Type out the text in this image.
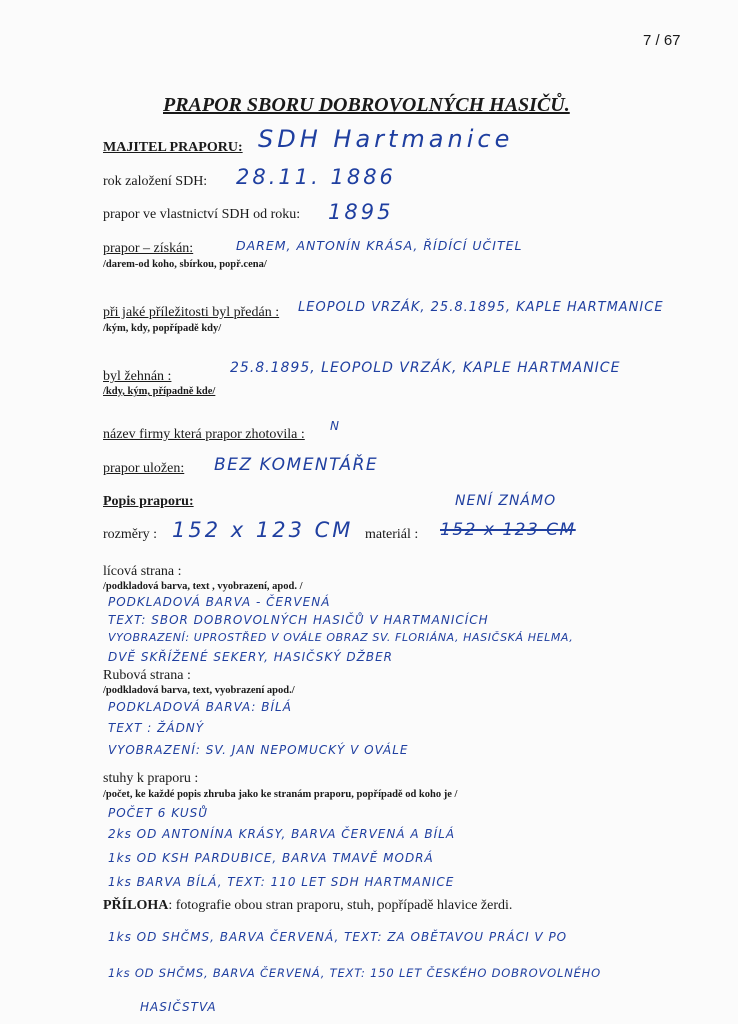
7 / 67
PRAPOR SBORU DOBROVOLNÝCH HASIČŮ.
MAJITEL PRAPORU: SDH Hartmanice
rok založení SDH: 28.11. 1886
prapor ve vlastnictví SDH od roku: 1895
prapor – získán:
/darem-od koho, sbírkou, popř.cena/
DAREM, ANTONÍN KRÁSA, ŘÍDÍCÍ UČITEL
při jaké příležitosti byl předán :
/kým, kdy, popřípadě kdy/
LEOPOLD VRZÁK, 25.8.1895, KAPLE HARTMANICE
byl žehnán :
/kdy, kým, případně kde/
25.8.1895, LEOPOLD VRZÁK, KAPLE HARTMANICE
název firmy která prapor zhotovila :
N
prapor uložen: BEZ KOMENTÁŘE
Popis praporu:	NENÍ ZNÁMO
rozměry : 152 x 123 CM materiál : 152 x 123 CM
lícová strana :
/podkladová barva, text , vyobrazení, apod. /
PODKLADOVÁ BARVA - ČERVENÁ
TEXT: SBOR DOBROVOLNÝCH HASIČŮ V HARTMANICÍCH
VYOBRAZENÍ: UPROSTŘED V OVÁLE OBRAZ SV. FLORIÁNA, HASIČSKÁ HELMA,
DVĚ SKŘÍŽENÉ SEKERY, HASIČSKÝ DŽBER
Rubová strana :
/podkladová barva, text, vyobrazení apod./
PODKLADOVÁ BARVA: BÍLÁ
TEXT : ŽÁDNÝ
VYOBRAZENÍ: SV. JAN NEPOMUCKÝ V OVÁLE
stuhy k praporu :
/počet, ke každé popis zhruba jako ke stranám praporu, popřípadě od koho je /
POČET 6 KUSŮ
2ks OD ANTONÍNA KRÁSY, BARVA ČERVENÁ A BÍLÁ
1ks OD KSH PARDUBICE, BARVA TMAVĚ MODRÁ
1ks BARVA BÍLÁ, TEXT: 110 LET SDH HARTMANICE
PŘÍLOHA: fotografie obou stran praporu, stuh, popřípadě hlavice žerdi.
1ks OD SHČMS, BARVA ČERVENÁ, TEXT: ZA OBĚTAVOU PRÁCI V PO
1ks OD SHČMS, BARVA ČERVENÁ, TEXT: 150 LET ČESKÉHO DOBROVOLNÉHO
HASIČSTVA
